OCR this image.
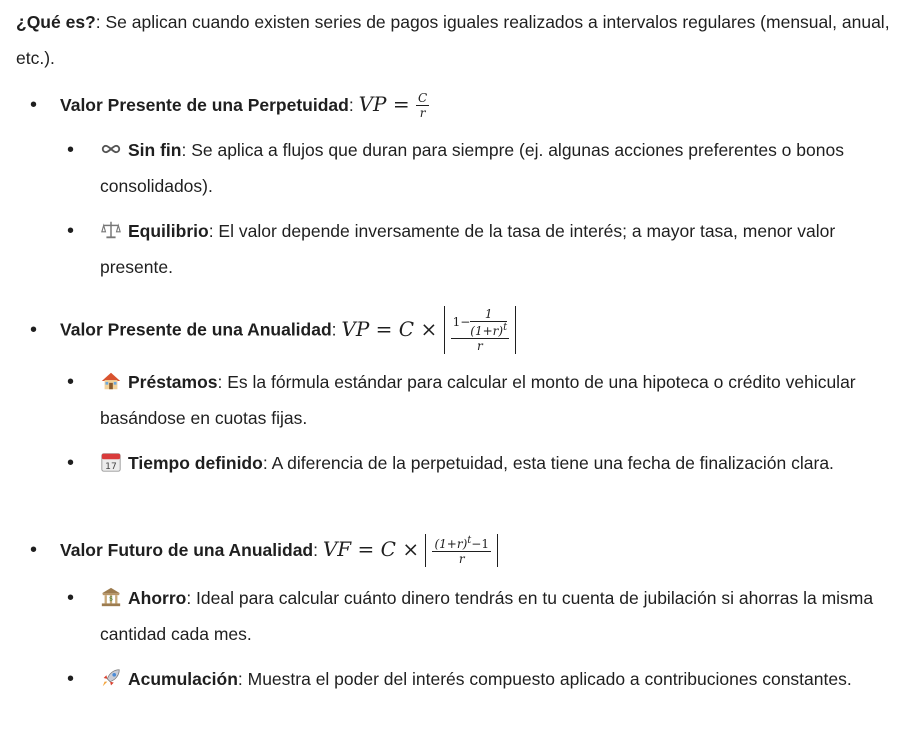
¿Qué es?: Se aplican cuando existen series de pagos iguales realizados a intervalos regulares (mensual, anual, etc.).

• Valor Presente de una Perpetuidad: VP = $\frac{C}{r}$
•	Sin fin: Se aplica a flujos que duran para siempre (ej. algunas acciones preferentes o bonos consolidados).
•	Equilibrio: El valor depende inversamente de la tasa de interés; a mayor tasa, menor valor presente.
• Valor Presente de una Anualidad: VP = $C \times \frac{1- \frac{1}{(1+r)^t}}{r}$
•	Préstamos: Es la fórmula estándar para calcular el monto de una hipoteca o crédito vehicular basándose en cuotas fijas.
•	17 Tiempo definido: A diferencia de la perpetuidad, esta tiene una fecha de finalización clara.
• Valor Futuro de una Anualidad: VF = $C \times \frac{(1+r)^t-1}{r}$
•	$ Ahorro: Ideal para calcular cuánto dinero tendrás en tu cuenta de jubilación si ahorras la misma cantidad cada mes.
•	Acumulación: Muestra el poder del interés compuesto aplicado a contribuciones constantes.
